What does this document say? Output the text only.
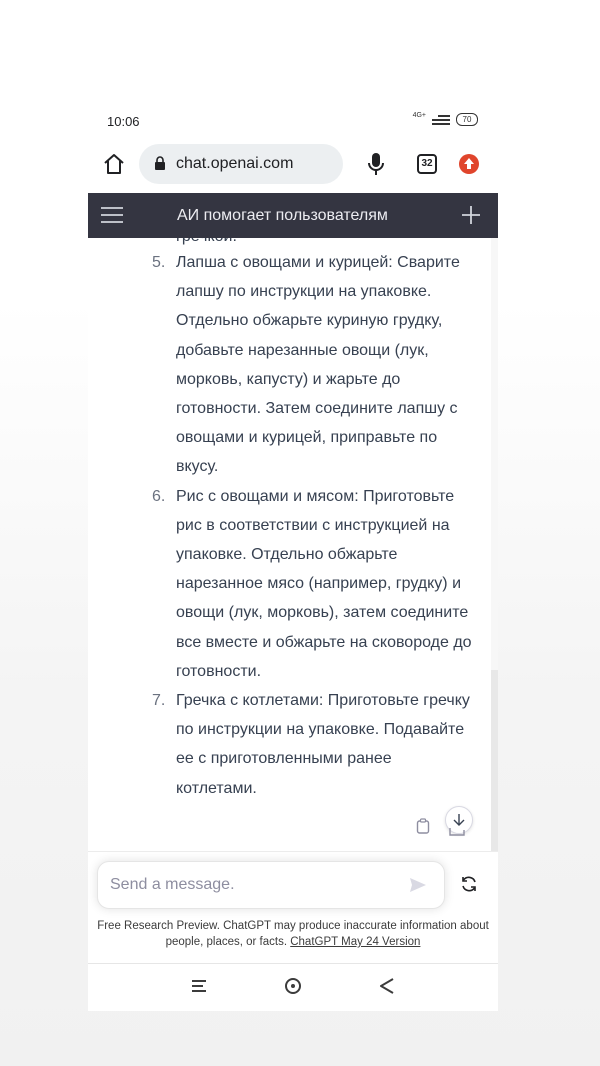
10:06	4G+	70
chat.openai.com	32
АИ помогает пользователям
5. Лапша с овощами и курицей: Сварите лапшу по инструкции на упаковке. Отдельно обжарьте куриную грудку, добавьте нарезанные овощи (лук, морковь, капусту) и жарьте до готовности. Затем соедините лапшу с овощами и курицей, приправьте по вкусу.
6. Рис с овощами и мясом: Приготовьте рис в соответствии с инструкцией на упаковке. Отдельно обжарьте нарезанное мясо (например, грудку) и овощи (лук, морковь), затем соедините все вместе и обжарьте на сковороде до готовности.
7. Гречка с котлетами: Приготовьте гречку по инструкции на упаковке. Подавайте ее с приготовленными ранее котлетами.
Send a message.
Free Research Preview. ChatGPT may produce inaccurate information about people, places, or facts. ChatGPT May 24 Version
